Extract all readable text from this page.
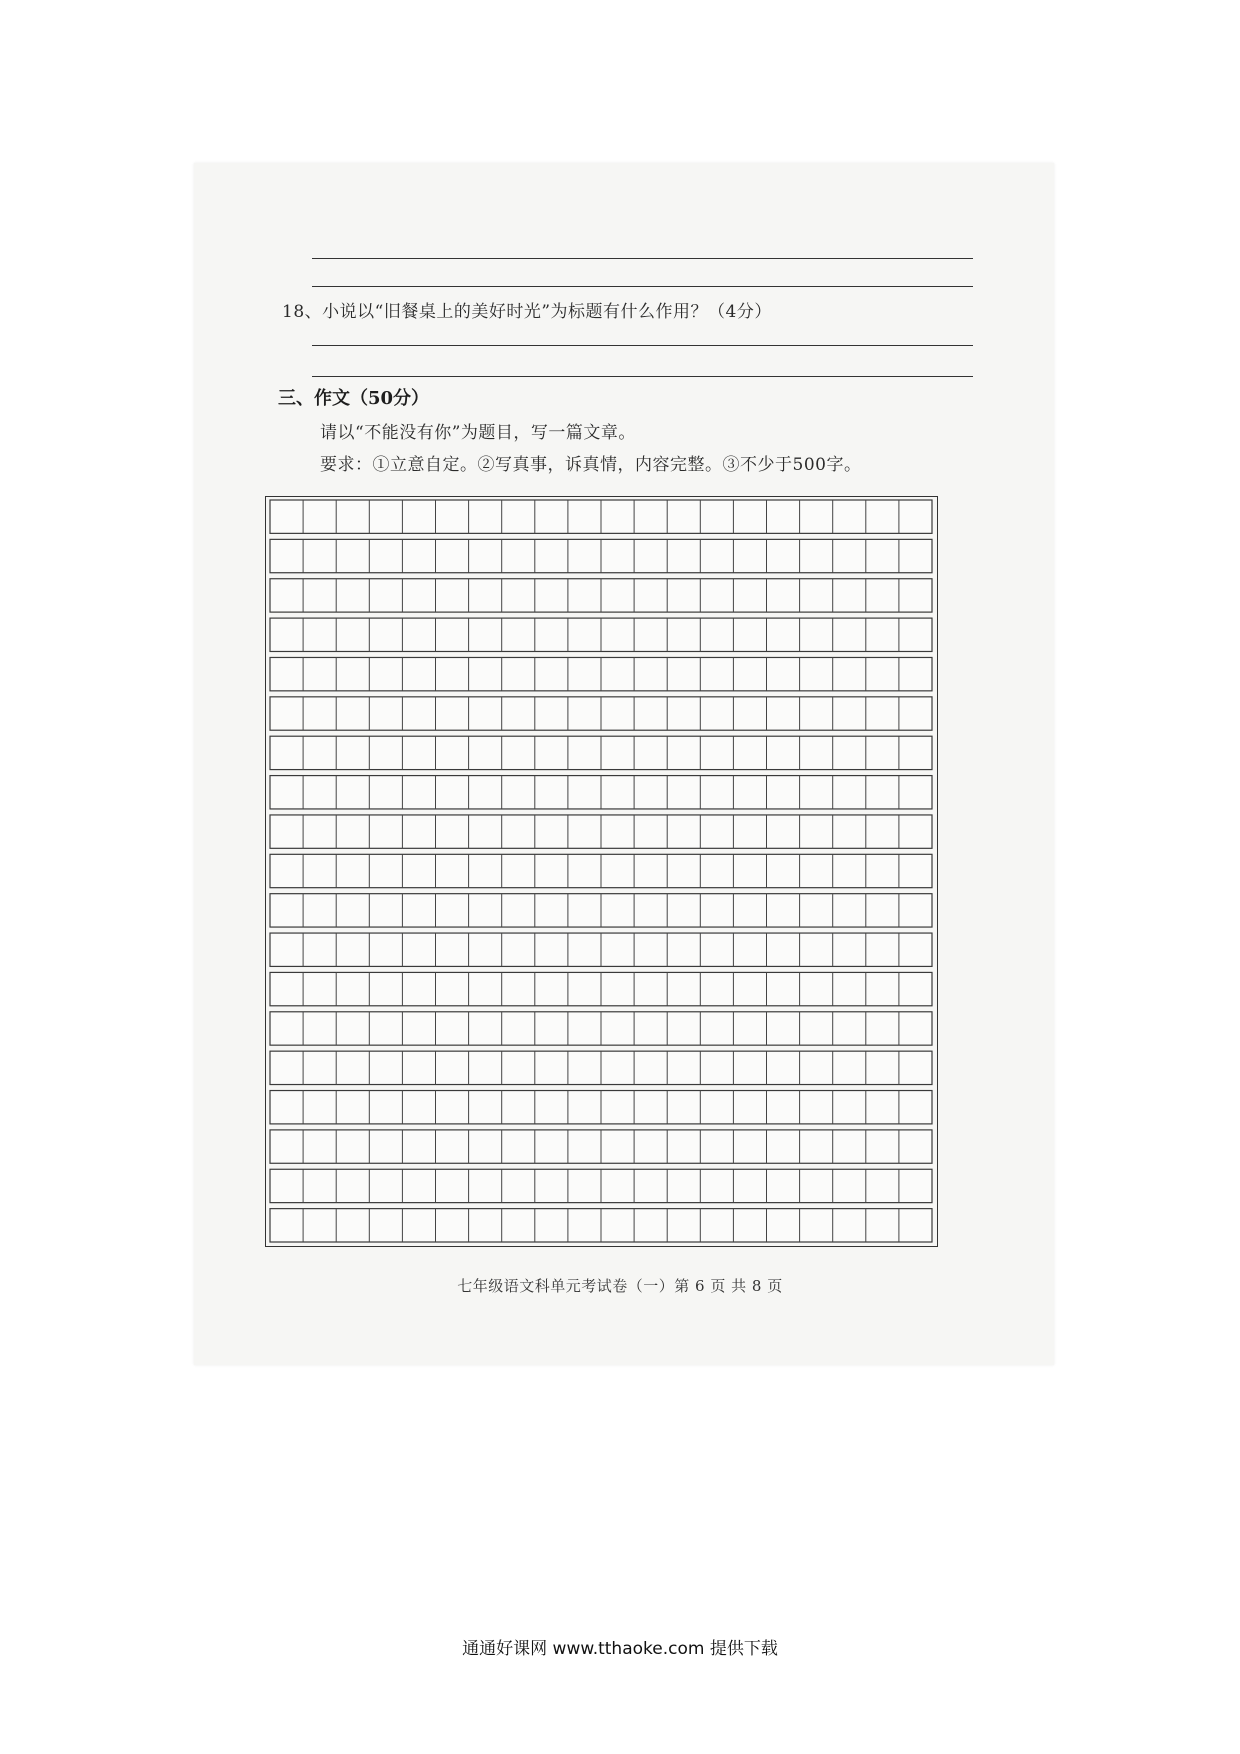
18、小说以“旧餐桌上的美好时光”为标题有什么作用？（4分）
三、作文（50分）
请以“不能没有你”为题目，写一篇文章。
要求：①立意自定。②写真事，诉真情，内容完整。③不少于500字。
七年级语文科单元考试卷（一）第 6 页 共 8 页
通通好课网 www.tthaoke.com 提供下载
